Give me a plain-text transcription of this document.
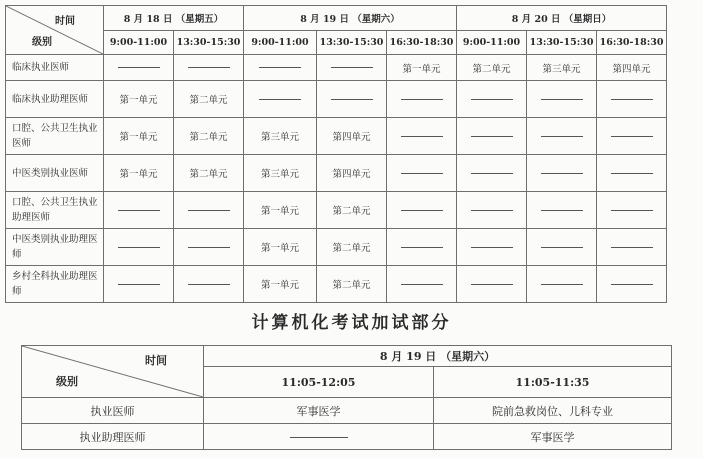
时间
级别	8 月 18 日 （星期五）		8 月 19 日 （星期六）			8 月 20 日 （星期日）		
	9:00-11:00	13:30-15:30	9:00-11:00	13:30-15:30	16:30-18:30	9:00-11:00	13:30-15:30	16:30-18:30
临床执业医师					第一单元	第二单元	第三单元	第四单元
临床执业助理医师	第一单元	第二单元						
口腔、公共卫生执业医师	第一单元	第二单元	第三单元	第四单元				
中医类别执业医师	第一单元	第二单元	第三单元	第四单元				
口腔、公共卫生执业助理医师			第一单元	第二单元				
中医类别执业助理医师			第一单元	第二单元				
乡村全科执业助理医师			第一单元	第二单元				
计算机化考试加试部分
时间
级别	8 月 19 日 （星期六）	
	11:05-12:05	11:05-11:35
执业医师	军事医学	院前急救岗位、儿科专业
执业助理医师		军事医学
